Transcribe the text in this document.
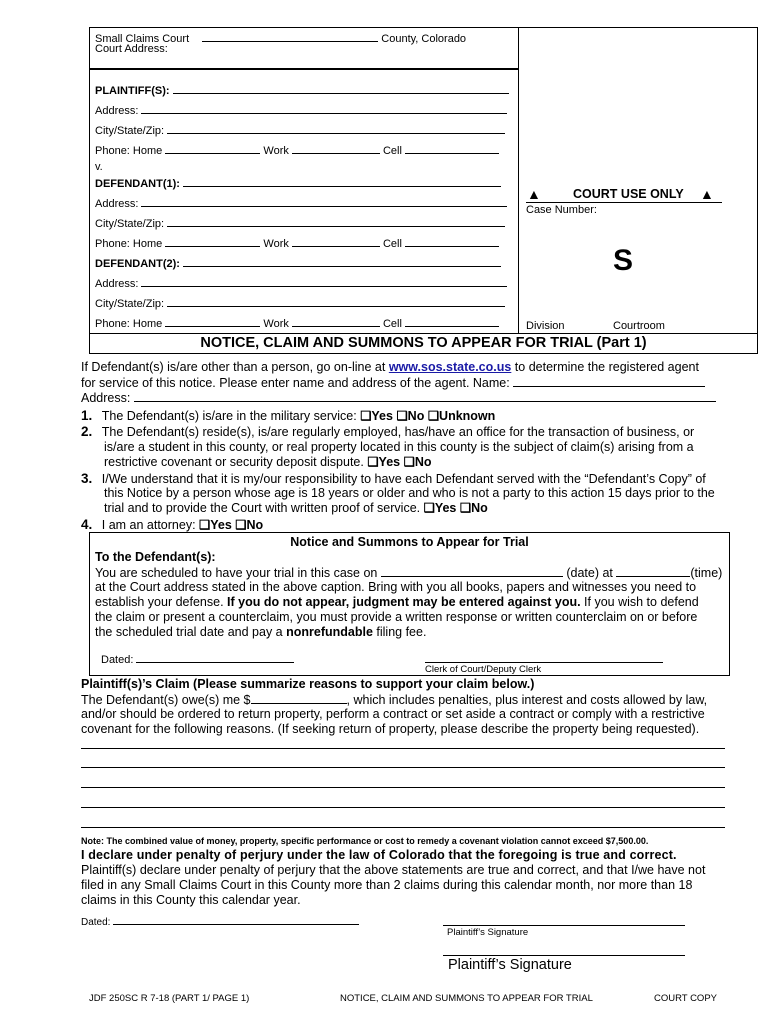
Small Claims Court	County, Colorado
Court Address:
PLAINTIFF(S):
Address:
City/State/Zip:
Phone: Home	Work	Cell
v.
DEFENDANT(1):
Address:
City/State/Zip:
Phone: Home	Work	Cell
DEFENDANT(2):
Address:
City/State/Zip:
Phone: Home	Work	Cell
▲	COURT USE ONLY ▲
Case Number:
S
Division	Courtroom
NOTICE, CLAIM AND SUMMONS TO APPEAR FOR TRIAL (Part 1)
If Defendant(s) is/are other than a person, go on-line at www.sos.state.co.us to determine the registered agent
for service of this notice. Please enter name and address of the agent. Name:
Address:
1. The Defendant(s) is/are in the military service: ❑Yes ❑No ❑Unknown
2. The Defendant(s) reside(s), is/are regularly employed, has/have an office for the transaction of business, or
is/are a student in this county, or real property located in this county is the subject of claim(s) arising from a
restrictive covenant or security deposit dispute. ❑Yes ❑No
3. I/We understand that it is my/our responsibility to have each Defendant served with the “Defendant’s Copy” of
this Notice by a person whose age is 18 years or older and who is not a party to this action 15 days prior to the
trial and to provide the Court with written proof of service. ❑Yes ❑No
4. I am an attorney: ❑Yes ❑No
Notice and Summons to Appear for Trial
To the Defendant(s):
You are scheduled to have your trial in this case on	(date) at	(time)
at the Court address stated in the above caption. Bring with you all books, papers and witnesses you need to
establish your defense. If you do not appear, judgment may be entered against you. If you wish to defend
the claim or present a counterclaim, you must provide a written response or written counterclaim on or before
the scheduled trial date and pay a nonrefundable filing fee.
Dated:
Clerk of Court/Deputy Clerk
Plaintiff(s)’s Claim (Please summarize reasons to support your claim below.)
The Defendant(s) owe(s) me $	, which includes penalties, plus interest and costs allowed by law,
and/or should be ordered to return property, perform a contract or set aside a contract or comply with a restrictive
covenant for the following reasons. (If seeking return of property, please describe the property being requested).
Note: The combined value of money, property, specific performance or cost to remedy a covenant violation cannot exceed $7,500.00.
I declare under penalty of perjury under the law of Colorado that the foregoing is true and correct.
Plaintiff(s) declare under penalty of perjury that the above statements are true and correct, and that I/we have not
filed in any Small Claims Court in this County more than 2 claims during this calendar month, nor more than 18
claims in this County this calendar year.
Dated:
Plaintiff’s Signature
Plaintiff’s Signature
JDF 250SC R 7-18 (PART 1/ PAGE 1)	NOTICE, CLAIM AND SUMMONS TO APPEAR FOR TRIAL	COURT COPY
